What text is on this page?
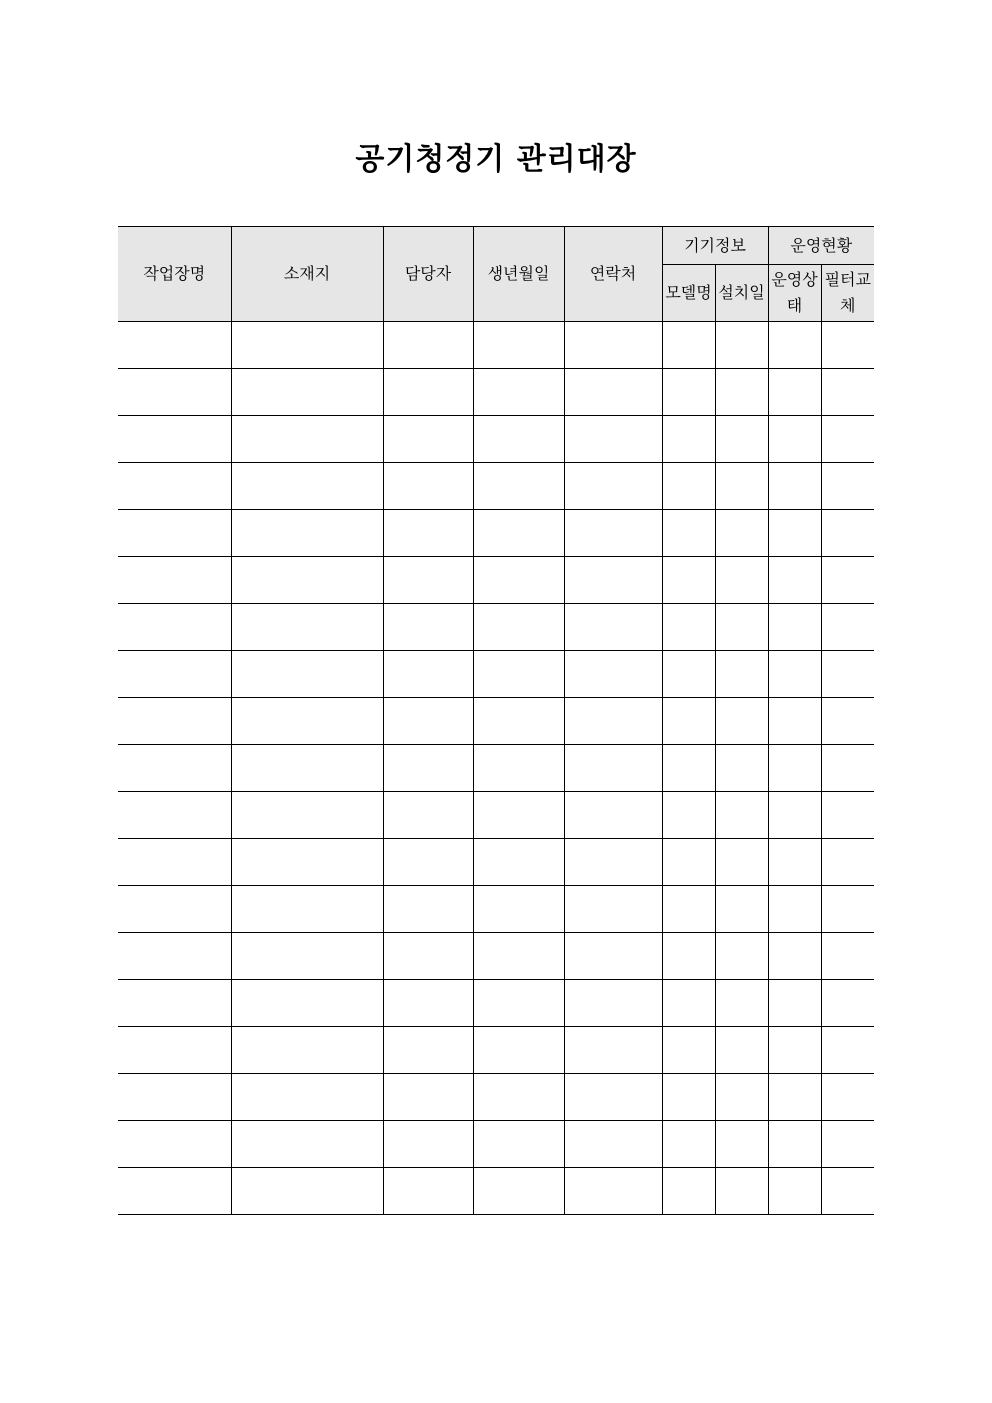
공기청정기 관리대장
작업장명	소재지	담당자	생년월일	연락처	기기정보		운영현황	
					모델명	설치일	운영상태	필터교체
